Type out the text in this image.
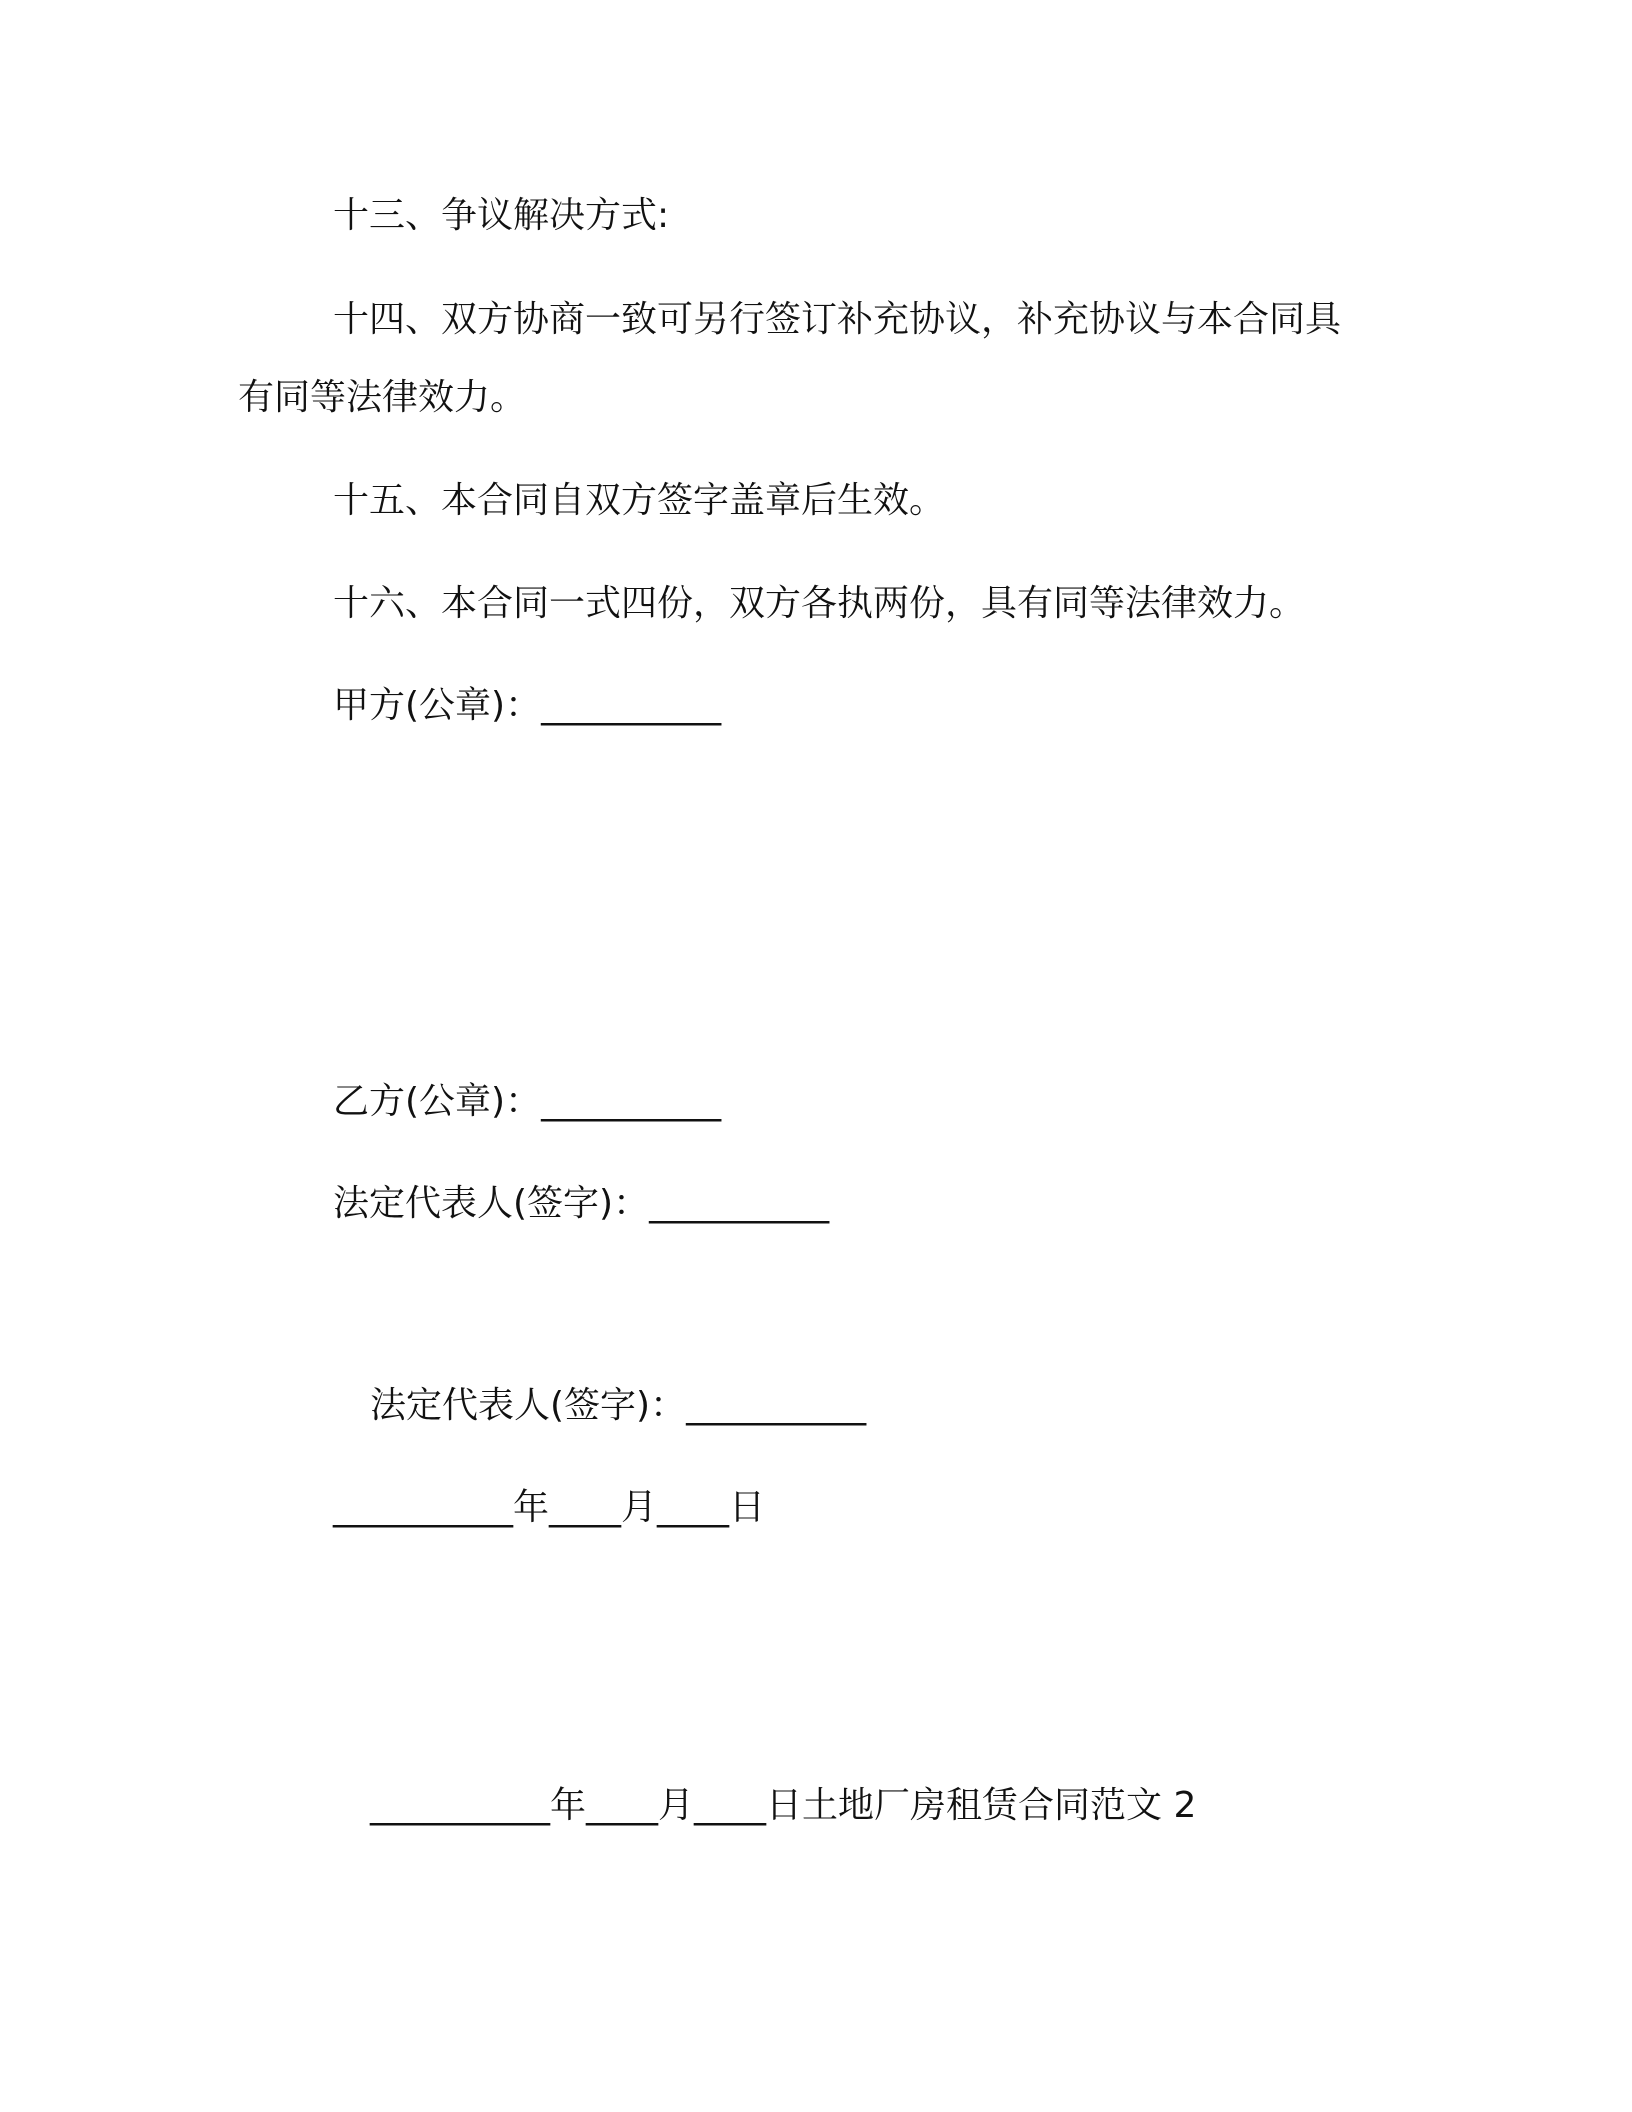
十三、争议解决方式:
十四、双方协商一致可另行签订补充协议，补充协议与本合同具
有同等法律效力。
十五、本合同自双方签字盖章后生效。
十六、本合同一式四份，双方各执两份，具有同等法律效力。
甲方(公章)：__________
乙方(公章)：__________
法定代表人(签字)：__________
法定代表人(签字)：__________
__________年____月____日
__________年____月____日土地厂房租赁合同范文 2
